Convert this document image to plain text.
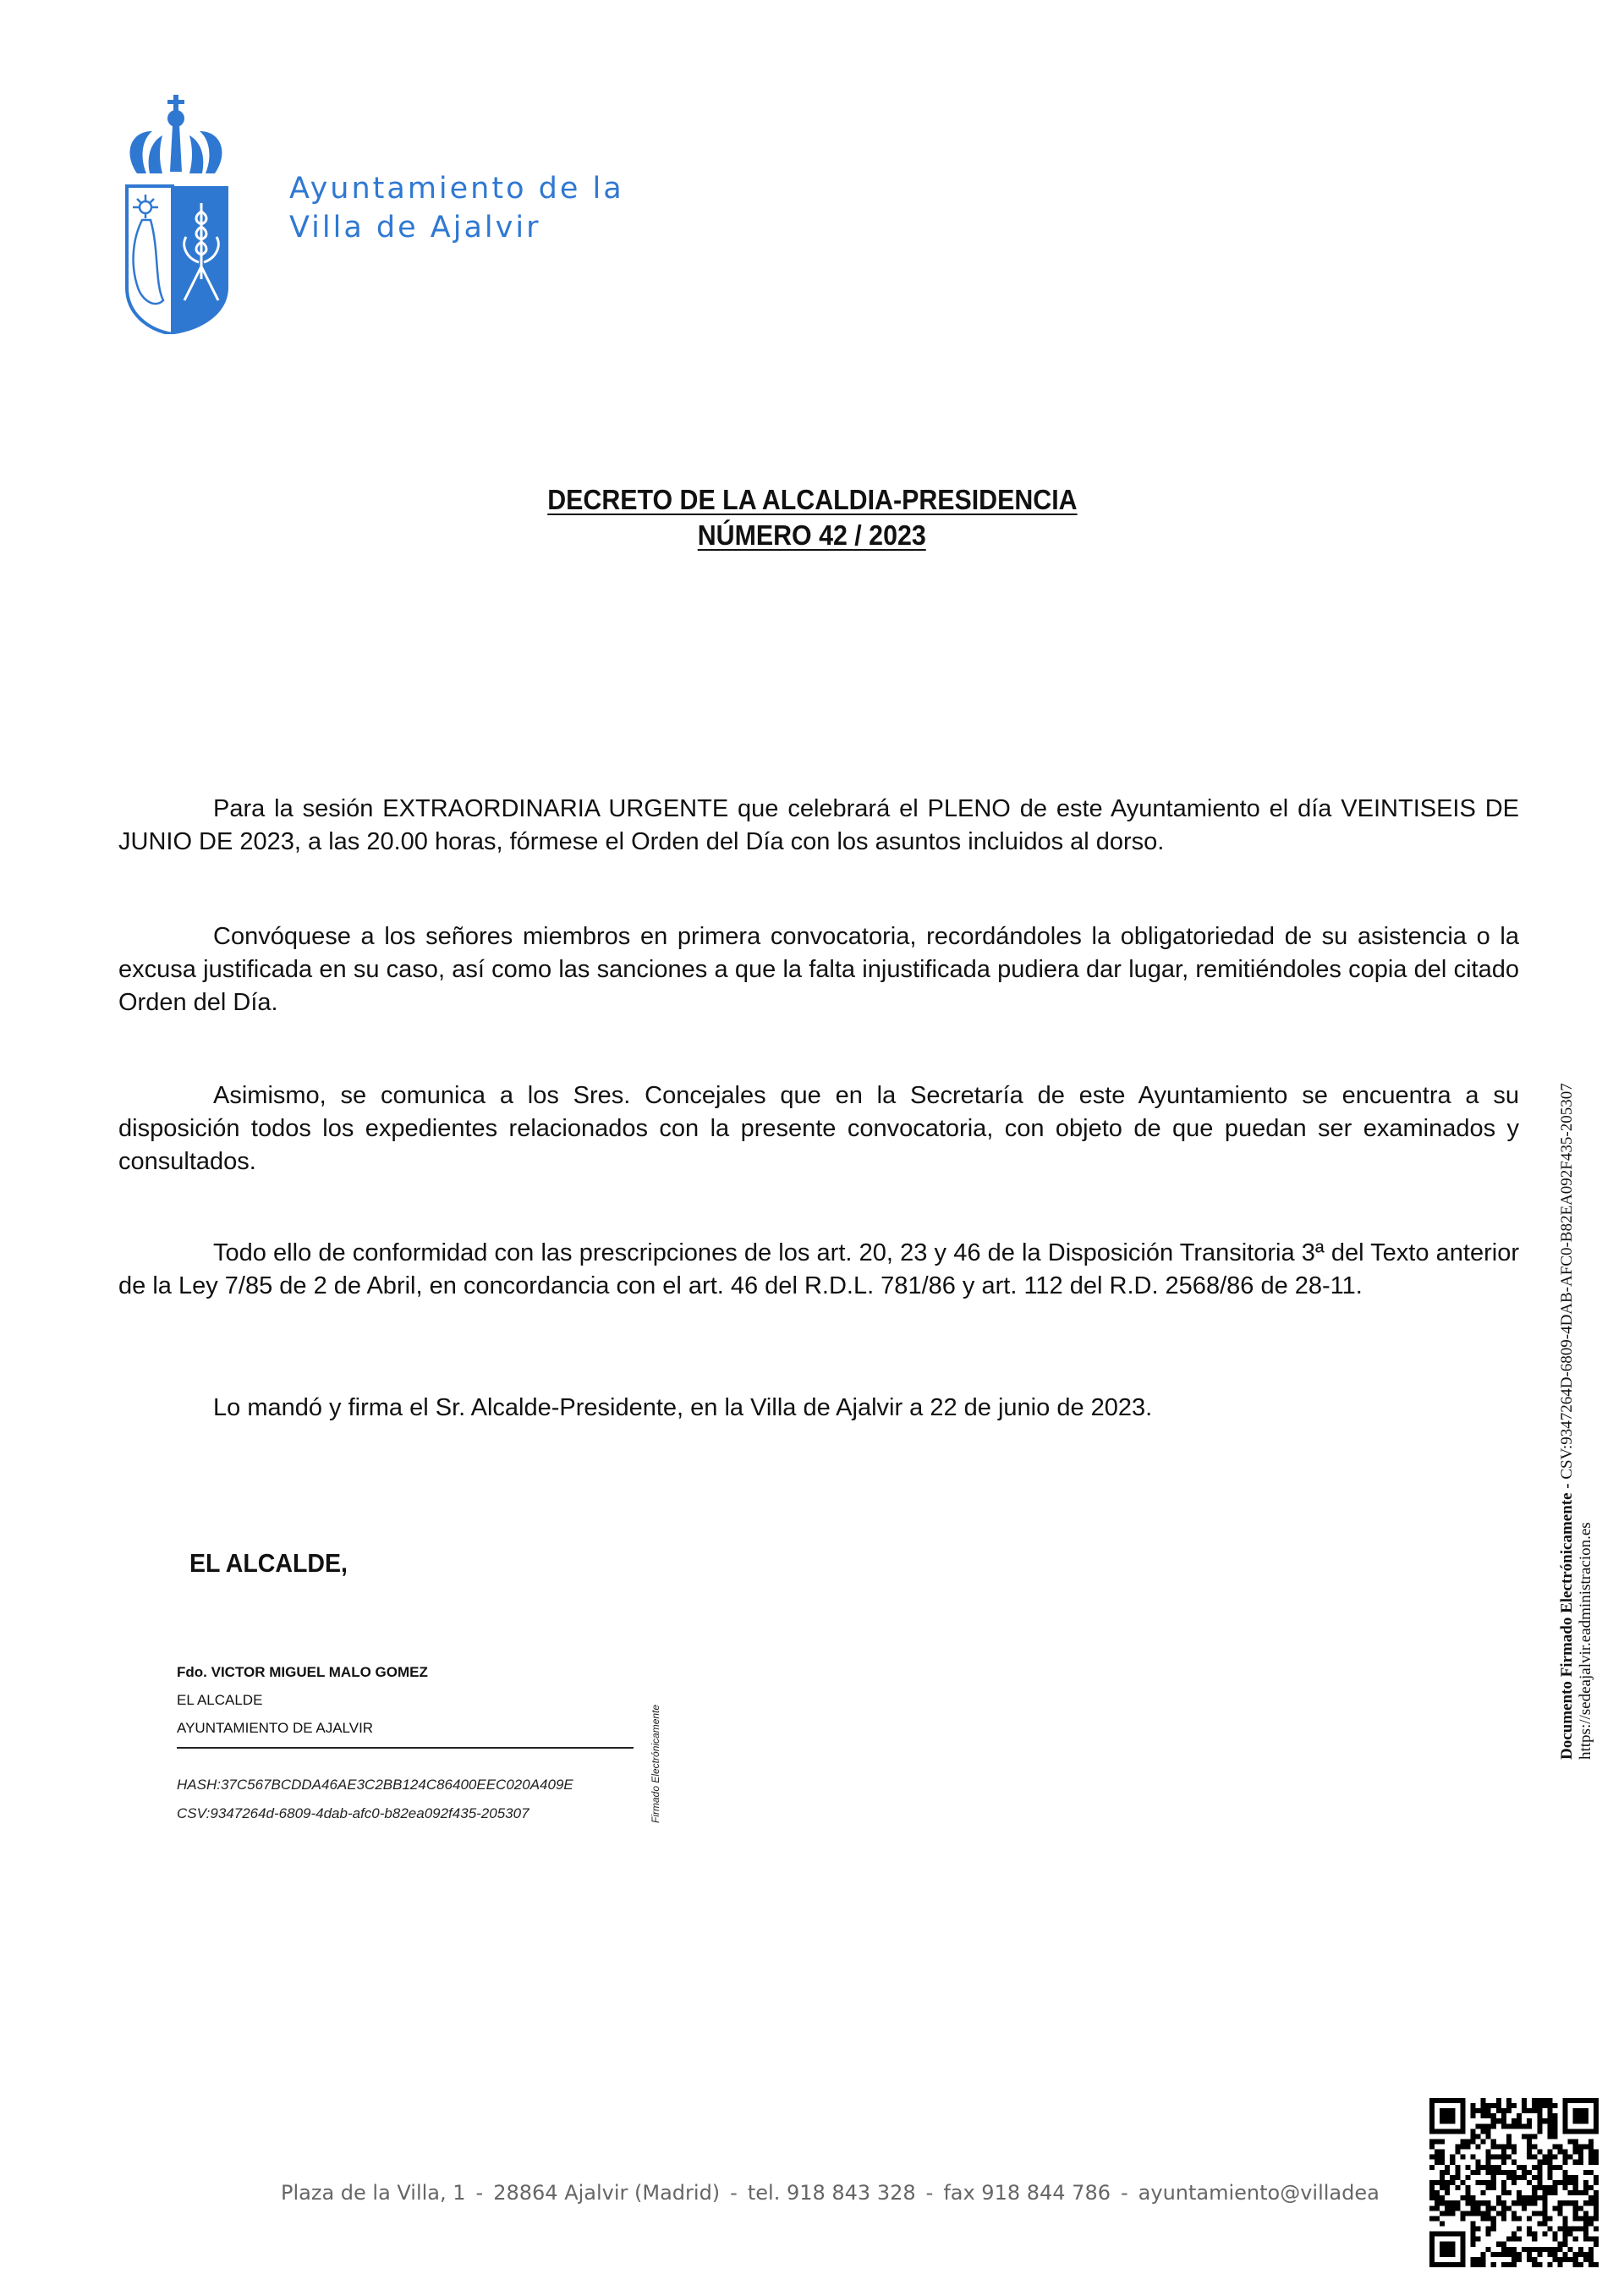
Ayuntamiento de la
Villa de Ajalvir
DECRETO DE LA ALCALDIA-PRESIDENCIA
NÚMERO 42 / 2023
Para la sesión EXTRAORDINARIA URGENTE que celebrará el PLENO de este Ayuntamiento el día VEINTISEIS DE JUNIO DE 2023, a las 20.00 horas, fórmese el Orden del Día con los asuntos incluidos al dorso.
Convóquese a los señores miembros en primera convocatoria, recordándoles la obligatoriedad de su asistencia o la excusa justificada en su caso, así como las sanciones a que la falta injustificada pudiera dar lugar, remitiéndoles copia del citado Orden del Día.
Asimismo, se comunica a los Sres. Concejales que en la Secretaría de este Ayuntamiento se encuentra a su disposición todos los expedientes relacionados con la presente convocatoria, con objeto de que puedan ser examinados y consultados.
Todo ello de conformidad con las prescripciones de los art. 20, 23 y 46 de la Disposición Transitoria 3ª del Texto anterior de la Ley 7/85 de 2 de Abril, en concordancia con el art. 46 del R.D.L. 781/86 y art. 112 del R.D. 2568/86 de 28-11.
Lo mandó y firma el Sr. Alcalde-Presidente, en la Villa de Ajalvir a 22 de junio de 2023.
EL ALCALDE,
Fdo. VICTOR MIGUEL MALO GOMEZ
EL ALCALDE
AYUNTAMIENTO DE AJALVIR
HASH:37C567BCDDA46AE3C2BB124C86400EEC020A409E
CSV:9347264d-6809-4dab-afc0-b82ea092f435-205307	Firmado Electrónicamente
Documento Firmado Electrónicamente - CSV:9347264D-6809-4DAB-AFC0-B82EA092F435-205307
https://sedeajalvir.eadministracion.es
Plaza de la Villa, 1 - 28864 Ajalvir (Madrid) - tel. 918 843 328 - fax 918 844 786 - ayuntamiento@villadea
